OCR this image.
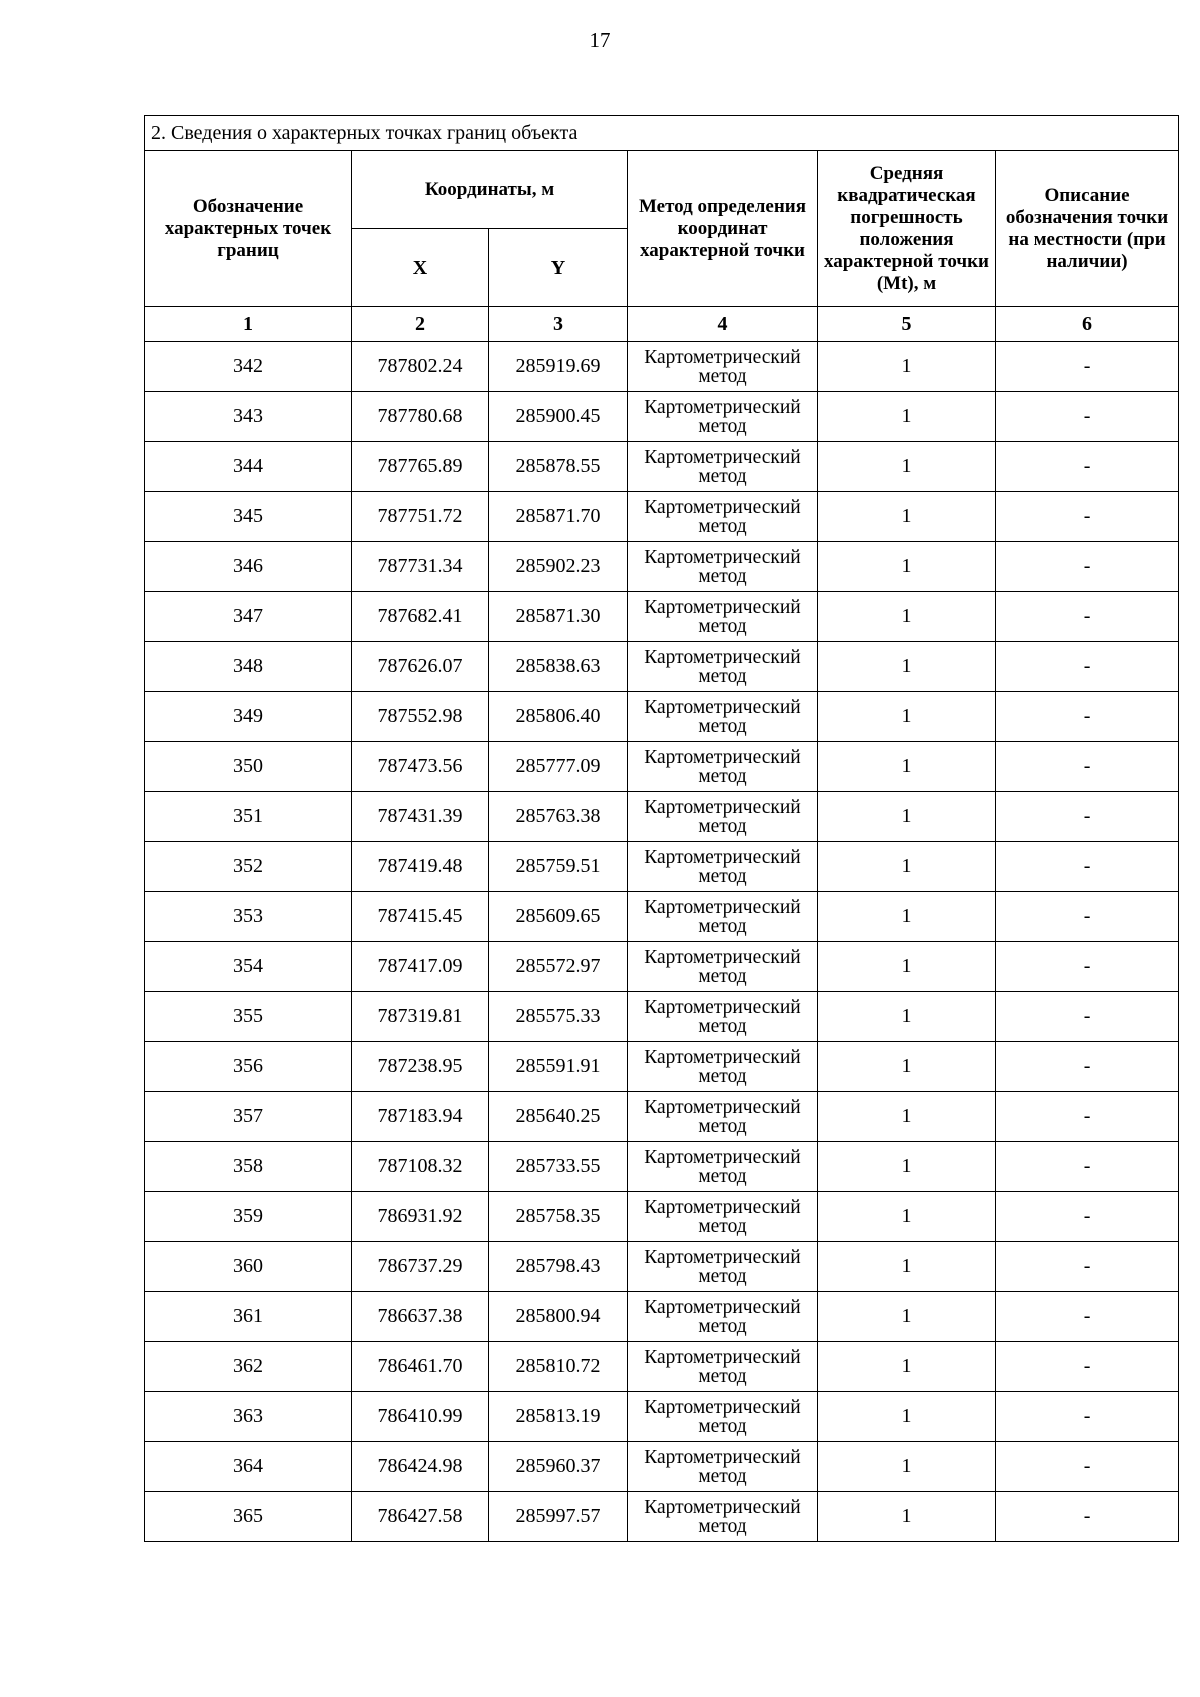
17
2. Сведения о характерных точках границ объекта					
Обозначение характерных точек границ	Координаты, м		Метод определения координат характерной точки	Средняя квадратическая погрешность положения характерной точки (Mt), м	Описание обозначения точки на местности (при наличии)
	X	Y			
1	2	3	4	5	6
342	787802.24	285919.69	Картометрический
метод	1	-
343	787780.68	285900.45	Картометрический
метод	1	-
344	787765.89	285878.55	Картометрический
метод	1	-
345	787751.72	285871.70	Картометрический
метод	1	-
346	787731.34	285902.23	Картометрический
метод	1	-
347	787682.41	285871.30	Картометрический
метод	1	-
348	787626.07	285838.63	Картометрический
метод	1	-
349	787552.98	285806.40	Картометрический
метод	1	-
350	787473.56	285777.09	Картометрический
метод	1	-
351	787431.39	285763.38	Картометрический
метод	1	-
352	787419.48	285759.51	Картометрический
метод	1	-
353	787415.45	285609.65	Картометрический
метод	1	-
354	787417.09	285572.97	Картометрический
метод	1	-
355	787319.81	285575.33	Картометрический
метод	1	-
356	787238.95	285591.91	Картометрический
метод	1	-
357	787183.94	285640.25	Картометрический
метод	1	-
358	787108.32	285733.55	Картометрический
метод	1	-
359	786931.92	285758.35	Картометрический
метод	1	-
360	786737.29	285798.43	Картометрический
метод	1	-
361	786637.38	285800.94	Картометрический
метод	1	-
362	786461.70	285810.72	Картометрический
метод	1	-
363	786410.99	285813.19	Картометрический
метод	1	-
364	786424.98	285960.37	Картометрический
метод	1	-
365	786427.58	285997.57	Картометрический
метод	1	-
